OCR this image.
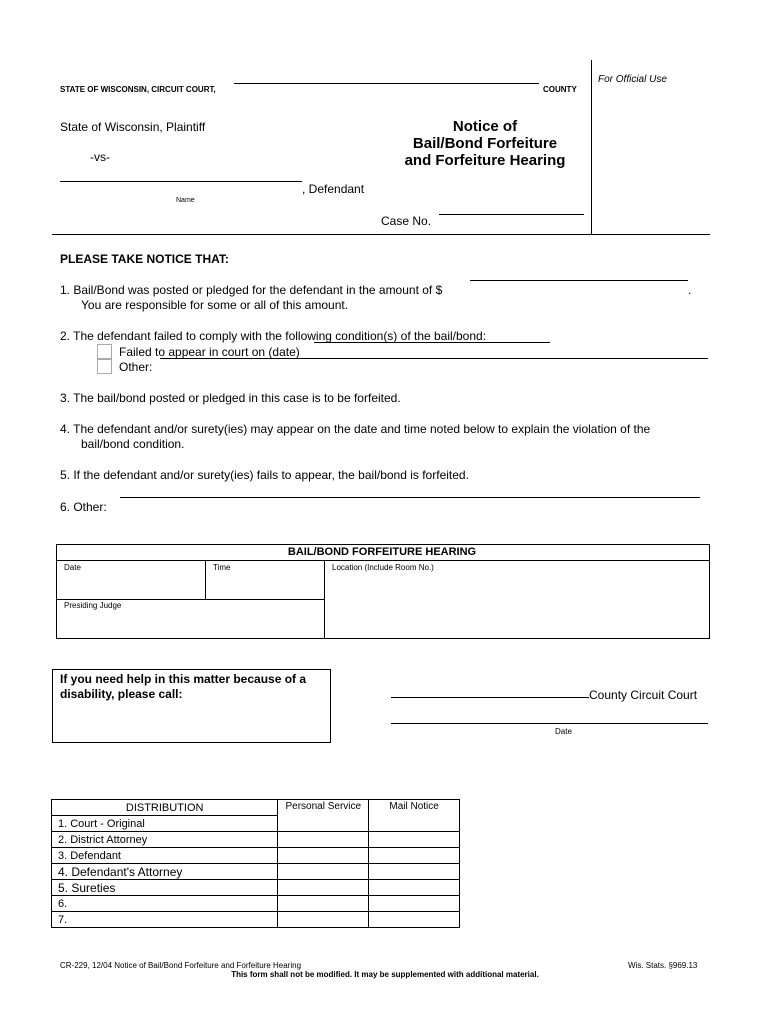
For Official Use
STATE OF WISCONSIN, CIRCUIT COURT,	COUNTY
State of Wisconsin, Plaintiff
-vs-
, Defendant
Name
Case No.
Notice of
Bail/Bond Forfeiture
and Forfeiture Hearing
PLEASE TAKE NOTICE THAT:
1. Bail/Bond was posted or pledged for the defendant in the amount of $	.
You are responsible for some or all of this amount.
2. The defendant failed to comply with the following condition(s) of the bail/bond:
Failed to appear in court on (date)
Other:
3. The bail/bond posted or pledged in this case is to be forfeited.
4. The defendant and/or surety(ies) may appear on the date and time noted below to explain the violation of the
bail/bond condition.
5. If the defendant and/or surety(ies) fails to appear, the bail/bond is forfeited.
6. Other:
BAIL/BOND FORFEITURE HEARING
Date	Time	Location (Include Room No.)
Presiding Judge
If you need help in this matter because of a
disability, please call:	County Circuit Court
Date
DISTRIBUTION	Personal Service	Mail Notice
1. Court - Original		
2. District Attorney		
3. Defendant		
4. Defendant's Attorney		
5. Sureties		
6.		
7.		
CR-229, 12/04 Notice of Bail/Bond Forfeiture and Forfeiture Hearing	Wis. Stats. §969.13
This form shall not be modified. It may be supplemented with additional material.
